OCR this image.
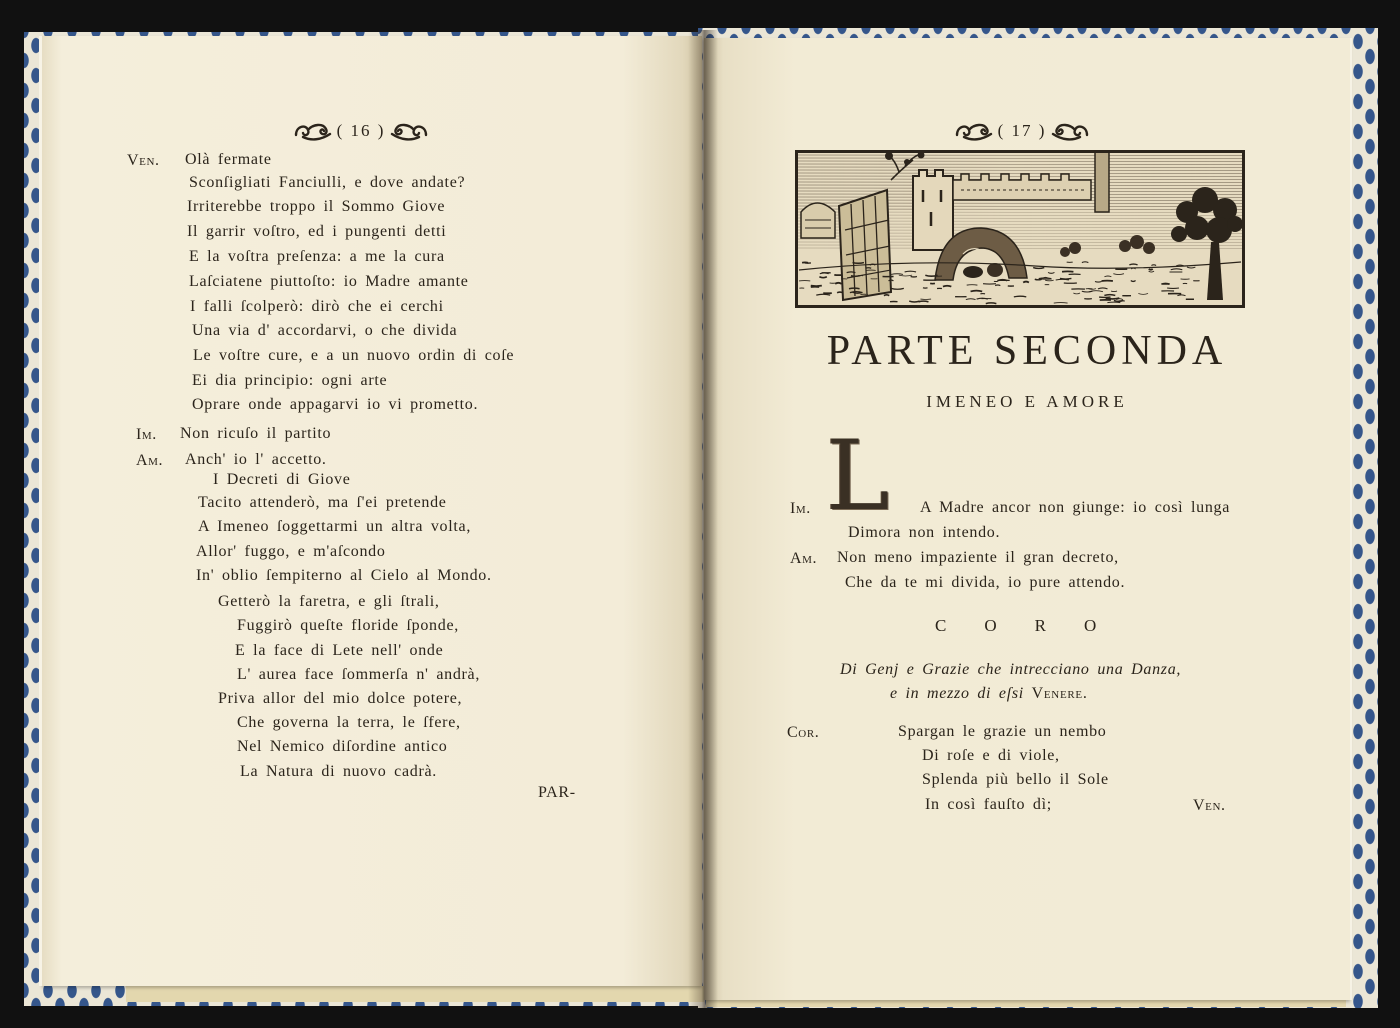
( 16 )
Ven. Olà fermate
Sconſigliati Fanciulli, e dove andate?
Irriterebbe troppo il Sommo Giove
Il garrir voſtro, ed i pungenti detti
E la voſtra preſenza: a me la cura
Laſciatene piuttoſto: io Madre amante
I falli ſcolperò: dirò che ei cerchi
Una via d' accordarvi, o che divida
Le voſtre cure, e a un nuovo ordin di coſe
Ei dia principio: ogni arte
Oprare onde appagarvi io vi prometto.
Im. Non ricuſo il partito
Am. Anch' io l' accetto.
I Decreti di Giove
Tacito attenderò, ma ſ'ei pretende
A Imeneo ſoggettarmi un altra volta,
Allor' fuggo, e m'aſcondo
In' oblio ſempiterno al Cielo al Mondo.
Getterò la faretra, e gli ſtrali,
Fuggirò queſte floride ſponde,
E la face di Lete nell' onde
L' aurea face ſommerſa n' andrà,
Priva allor del mio dolce potere,
Che governa la terra, le ſfere,
Nel Nemico diſordine antico
La Natura di nuovo cadrà.
PAR-
( 17 )
PARTE SECONDA
IMENEO E AMORE
L
Im.	A Madre ancor non giunge: io così lunga
Dimora non intendo.
Am. Non meno impaziente il gran decreto,
Che da te mi divida, io pure attendo.
CORO
Di Genj e Grazie che intrecciano una Danza,
e in mezzo di eſsi Venere.
Cor.	Spargan le grazie un nembo
Di roſe e di viole,
Splenda più bello il Sole
In così fauſto dì;	Ven.
